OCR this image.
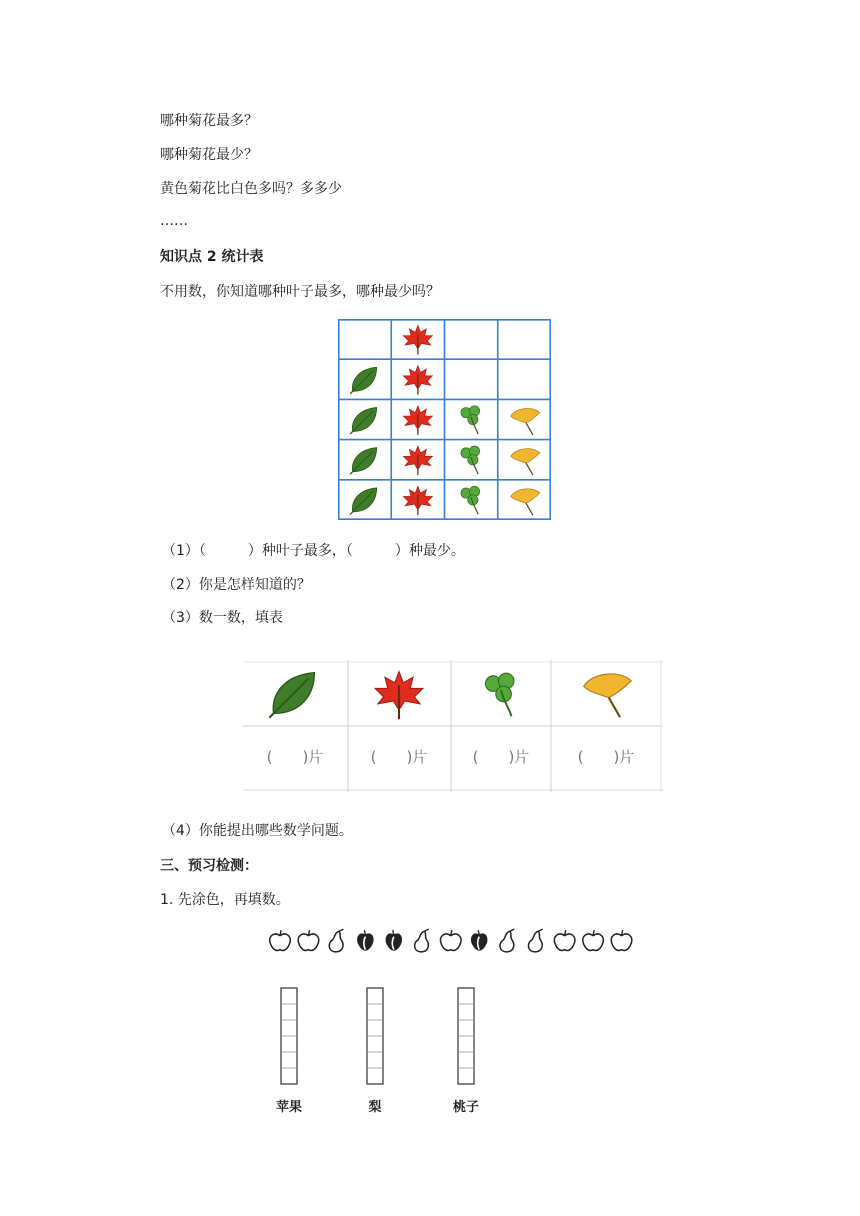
哪种菊花最多？
哪种菊花最少？
黄色菊花比白色多吗？多多少
……
知识点 2 统计表
不用数，你知道哪种叶子最多，哪种最少吗？
（1）（　　　）种叶子最多，（　　　）种最少。
（2）你是怎样知道的？
（3）数一数，填表
(　　)片	(　　)片	(　　)片	(　　)片
（4）你能提出哪些数学问题。
三、预习检测：
1. 先涂色，再填数。
苹果	梨	桃子
